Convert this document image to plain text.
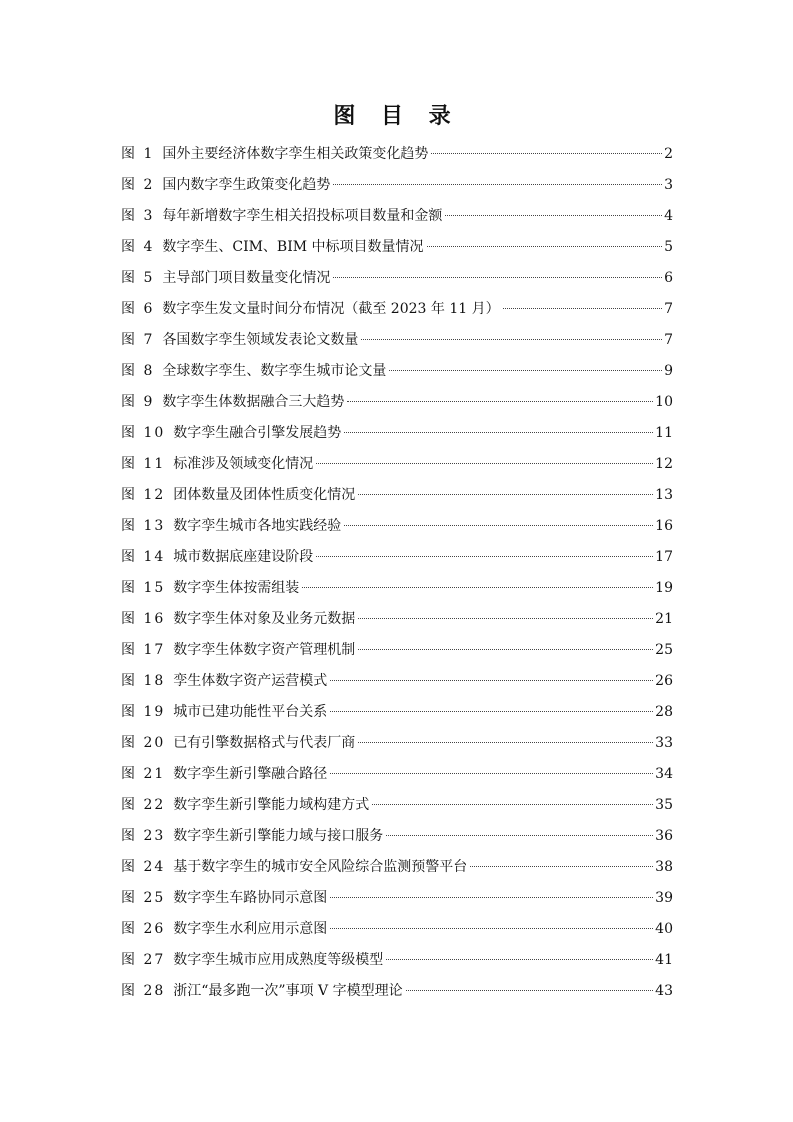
图 目 录
图 1 国外主要经济体数字孪生相关政策变化趋势	2
图 2 国内数字孪生政策变化趋势	3
图 3 每年新增数字孪生相关招投标项目数量和金额	4
图 4 数字孪生、CIM、BIM 中标项目数量情况	5
图 5 主导部门项目数量变化情况	6
图 6 数字孪生发文量时间分布情况（截至 2023 年 11 月）	7
图 7 各国数字孪生领域发表论文数量	7
图 8 全球数字孪生、数字孪生城市论文量	9
图 9 数字孪生体数据融合三大趋势	10
图 10 数字孪生融合引擎发展趋势	11
图 11 标准涉及领域变化情况	12
图 12 团体数量及团体性质变化情况	13
图 13 数字孪生城市各地实践经验	16
图 14 城市数据底座建设阶段	17
图 15 数字孪生体按需组装	19
图 16 数字孪生体对象及业务元数据	21
图 17 数字孪生体数字资产管理机制	25
图 18 孪生体数字资产运营模式	26
图 19 城市已建功能性平台关系	28
图 20 已有引擎数据格式与代表厂商	33
图 21 数字孪生新引擎融合路径	34
图 22 数字孪生新引擎能力域构建方式	35
图 23 数字孪生新引擎能力域与接口服务	36
图 24 基于数字孪生的城市安全风险综合监测预警平台	38
图 25 数字孪生车路协同示意图	39
图 26 数字孪生水利应用示意图	40
图 27 数字孪生城市应用成熟度等级模型	41
图 28 浙江“最多跑一次”事项 V 字模型理论	43
